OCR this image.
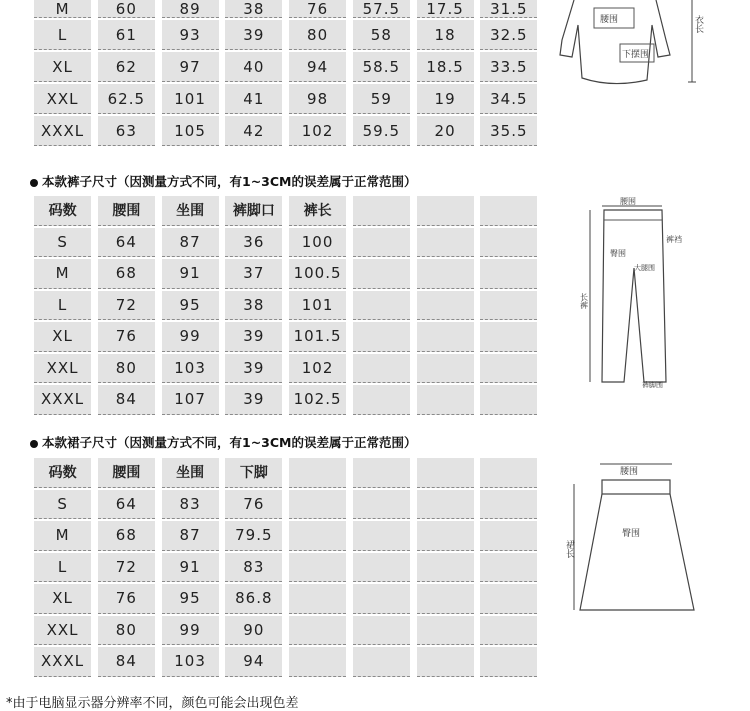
M	60	89	38	76	57.5	17.5	31.5
L	61	93	39	80	58	18	32.5
XL	62	97	40	94	58.5	18.5	33.5
XXL	62.5	101	41	98	59	19	34.5
XXXL	63	105	42	102	59.5	20	35.5
腰围
下摆围
衣长
本款裤子尺寸（因测量方式不同，有1~3CM的误差属于正常范围）
码数	腰围	坐围	裤脚口	裤长
S	64	87	36	100
M	68	91	37	100.5
L	72	95	38	101
XL	76	99	39	101.5
XXL	80	103	39	102
XXXL	84	107	39	102.5
腰围
臀围
大腿围
裤裆
长裤
裤脚围
本款裙子尺寸（因测量方式不同，有1~3CM的误差属于正常范围）
码数	腰围	坐围	下脚
S	64	83	76
M	68	87	79.5
L	72	91	83
XL	76	95	86.8
XXL	80	99	90
XXXL	84	103	94
腰围
臀围
裙长
*由于电脑显示器分辨率不同，颜色可能会出现色差
